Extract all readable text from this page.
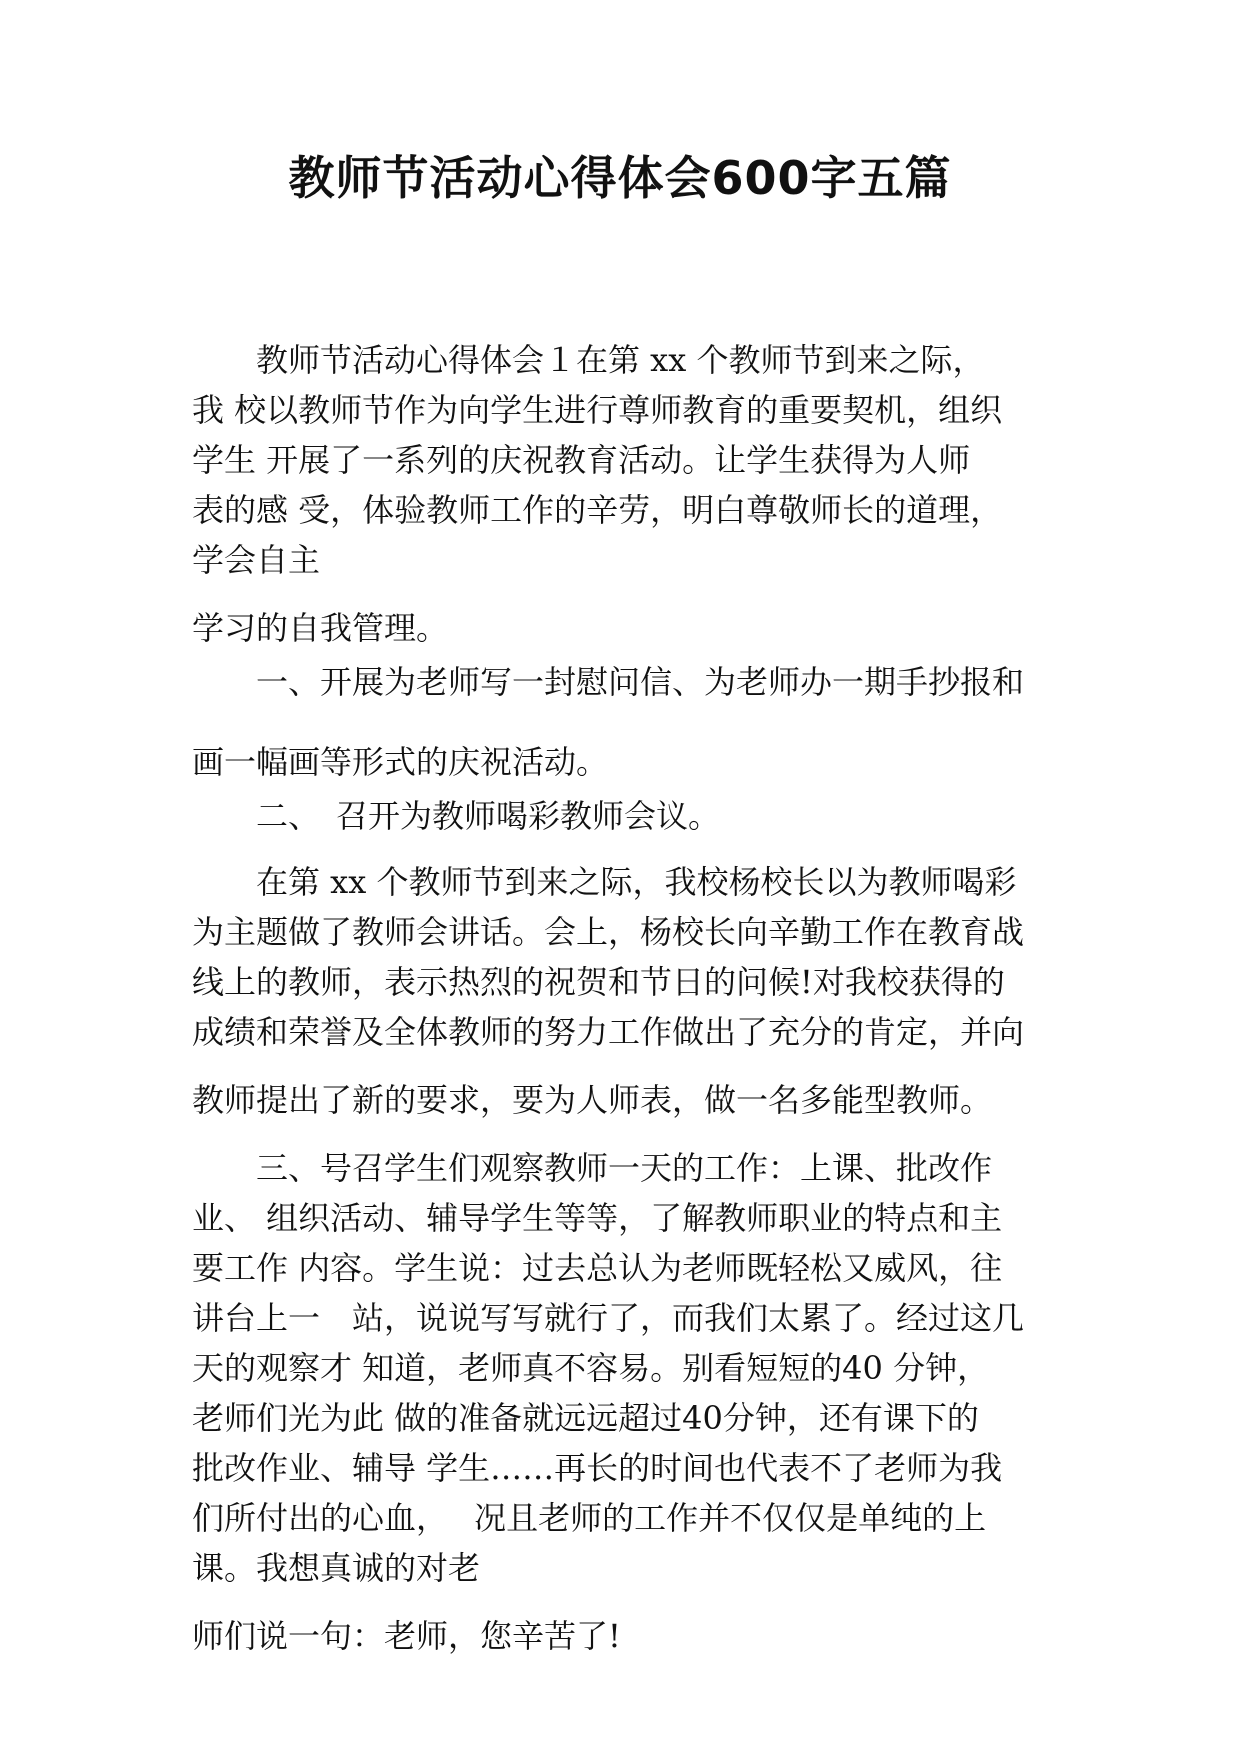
教师节活动心得体会600字五篇
教师节活动心得体会１在第 xx 个教师节到来之际，
我 校以教师节作为向学生进行尊师教育的重要契机，组织
学生 开展了一系列的庆祝教育活动。让学生获得为人师
表的感 受，体验教师工作的辛劳，明白尊敬师长的道理，
学会自主
学习的自我管理。
一、开展为老师写一封慰问信、为老师办一期手抄报和
画一幅画等形式的庆祝活动。
二、　召开为教师喝彩教师会议。
在第 xx 个教师节到来之际，我校杨校长以为教师喝彩
为主题做了教师会讲话。会上，杨校长向辛勤工作在教育战
线上的教师，表示热烈的祝贺和节日的问候!对我校获得的
成绩和荣誉及全体教师的努力工作做出了充分的肯定，并向
教师提出了新的要求，要为人师表，做一名多能型教师。
三、号召学生们观察教师一天的工作：上课、批改作
业、 组织活动、辅导学生等等，了解教师职业的特点和主
要工作 内容。学生说：过去总认为老师既轻松又威风，往
讲台上一　站，说说写写就行了，而我们太累了。经过这几
天的观察才 知道，老师真不容易。别看短短的40 分钟，
老师们光为此 做的准备就远远超过40分钟，还有课下的
批改作业、辅导 学生……再长的时间也代表不了老师为我
们所付出的心血，　 况且老师的工作并不仅仅是单纯的上
课。我想真诚的对老
师们说一句：老师，您辛苦了!
